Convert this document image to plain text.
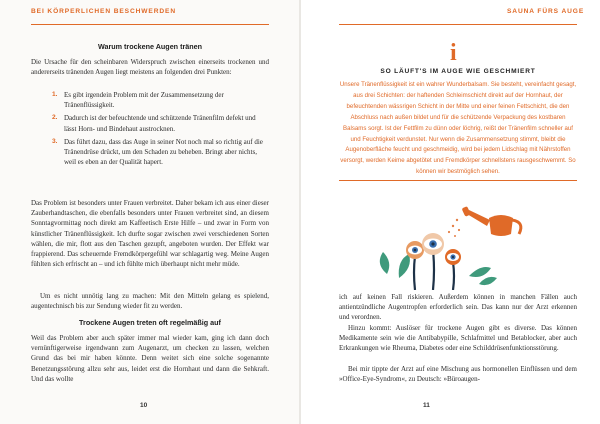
BEI KÖRPERLICHEN BESCHWERDEN
Warum trockene Augen tränen

Die Ursache für den scheinbaren Widerspruch zwischen einerseits trockenen und andererseits tränenden Augen liegt meistens an folgenden drei Punkten:

1. Es gibt irgendein Problem mit der Zusammensetzung der Tränenflüssigkeit.
2. Dadurch ist der befeuchtende und schützende Tränenfilm defekt und lässt Horn- und Bindehaut austrocknen.
3. Das führt dazu, dass das Auge in seiner Not noch mal so richtig auf die Tränendrüse drückt, um den Schaden zu beheben. Bringt aber nichts, weil es eben an der Qualität hapert.

Das Problem ist besonders unter Frauen verbreitet. Daher bekam ich aus einer dieser Zauberhandtaschen, die ebenfalls besonders unter Frauen verbreitet sind, an diesem Sonntagvormittag noch direkt am Kaffeetisch Erste Hilfe – und zwar in Form von künstlicher Tränenflüssigkeit. Ich durfte sogar zwischen zwei verschiedenen Sorten wählen, die mir, flott aus den Taschen gezupft, angeboten wurden. Der Effekt war frappierend. Das scheuernde Fremdkörpergefühl war schlagartig weg. Meine Augen fühlten sich erfrischt an – und ich fühlte mich überhaupt nicht mehr müde.

Um es nicht unnötig lang zu machen: Mit den Mitteln gelang es spielend, augentechnisch bis zur Sendung wieder fit zu werden.

Trockene Augen treten oft regelmäßig auf

Weil das Problem aber auch später immer mal wieder kam, ging ich dann doch vernünftigerweise irgendwann zum Augenarzt, um checken zu lassen, welchen Grund das bei mir haben könnte. Denn weitet sich eine solche sogenannte Benetzungsstörung allzu sehr aus, leidet erst die Hornhaut und dann die Sehkraft. Und das wollte

10
SAUNA FÜRS AUGE
i
SO LÄUFT'S IM AUGE WIE GESCHMIERT

Unsere Tränenflüssigkeit ist ein wahrer Wunderbalsam. Sie besteht, vereinfacht gesagt, aus drei Schichten: der haftenden Schleimschicht direkt auf der Hornhaut, der befeuchtenden wässrigen Schicht in der Mitte und einer feinen Fettschicht, die den Abschluss nach außen bildet und für die schützende Verpackung des kostbaren Balsams sorgt. Ist der Fettfilm zu dünn oder löchrig, reißt der Tränenfilm schneller auf und Feuchtigkeit verdunstet. Nur wenn die Zusammensetzung stimmt, bleibt die Augenoberfläche feucht und geschmeidig, wird bei jedem Lidschlag mit Nährstoffen versorgt, werden Keime abgetötet und Fremdkörper schnellstens rausgeschwemmt. So können wir bestmöglich sehen.

ich auf keinen Fall riskieren. Außerdem können in manchen Fällen auch antientzündliche Augentropfen erforderlich sein. Das kann nur der Arzt erkennen und verordnen.

Hinzu kommt: Auslöser für trockene Augen gibt es diverse. Das können Medikamente sein wie die Antibabypille, Schlafmittel und Betablocker, aber auch Erkrankungen wie Rheuma, Diabetes oder eine Schilddrüsenfunktionsstörung.

Bei mir tippte der Arzt auf eine Mischung aus hormonellen Einflüssen und dem »Office-Eye-Syndrom«, zu Deutsch: »Büroaugen-

11
